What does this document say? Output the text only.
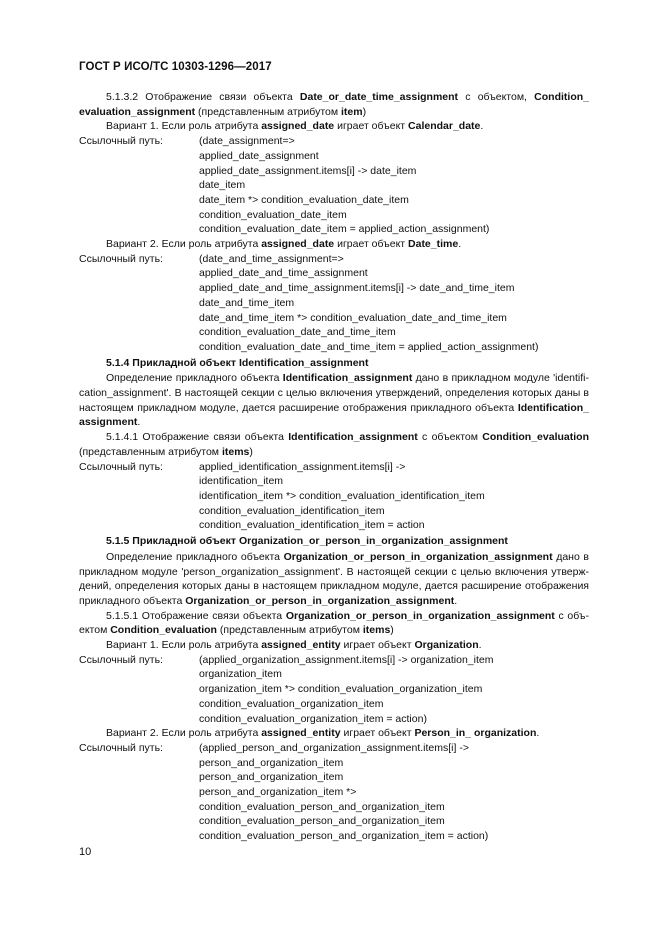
ГОСТ Р ИСО/ТС 10303-1296—2017

5.1.3.2 Отображение связи объекта Date_or_date_time_assignment с объектом, Condition_ evaluation_assignment (представленным атрибутом item)

Вариант 1. Если роль атрибута assigned_date играет объект Calendar_date.

Ссылочный путь:	(date_assignment=>
applied_date_assignment
applied_date_assignment.items[i] -> date_item
date_item
date_item *> condition_evaluation_date_item
condition_evaluation_date_item
condition_evaluation_date_item = applied_action_assignment)

Вариант 2. Если роль атрибута assigned_date играет объект Date_time.

Ссылочный путь:	(date_and_time_assignment=>
applied_date_and_time_assignment
applied_date_and_time_assignment.items[i] -> date_and_time_item
date_and_time_item
date_and_time_item *> condition_evaluation_date_and_time_item
condition_evaluation_date_and_time_item
condition_evaluation_date_and_time_item = applied_action_assignment)
5.1.4 Прикладной объект Identification_assignment

Определение прикладного объекта Identification_assignment дано в прикладном модуле 'identifi-cation_assignment'. В настоящей секции с целью включения утверждений, определения которых даны в настоящем прикладном модуле, дается расширение отображения прикладного объекта Identification_ assignment.

5.1.4.1 Отображение связи объекта Identification_assignment с объектом Condition_evaluation (представленным атрибутом items)

Ссылочный путь:	applied_identification_assignment.items[i] ->
identification_item
identification_item *> condition_evaluation_identification_item
condition_evaluation_identification_item
condition_evaluation_identification_item = action
5.1.5 Прикладной объект Organization_or_person_in_organization_assignment

Определение прикладного объекта Organization_or_person_in_organization_assignment дано в прикладном модуле 'person_organization_assignment'. В настоящей секции с целью включения утверж-дений, определения которых даны в настоящем прикладном модуле, дается расширение отображения прикладного объекта Organization_or_person_in_organization_assignment.

5.1.5.1 Отображение связи объекта Organization_or_person_in_organization_assignment с объ-ектом Condition_evaluation (представленным атрибутом items)

Вариант 1. Если роль атрибута assigned_entity играет объект Organization.

Ссылочный путь:	(applied_organization_assignment.items[i] -> organization_item
organization_item
organization_item *> condition_evaluation_organization_item
condition_evaluation_organization_item
condition_evaluation_organization_item = action)

Вариант 2. Если роль атрибута assigned_entity играет объект Person_in_ organization.

Ссылочный путь:	(applied_person_and_organization_assignment.items[i] ->
person_and_organization_item
person_and_organization_item
person_and_organization_item *>
condition_evaluation_person_and_organization_item
condition_evaluation_person_and_organization_item
condition_evaluation_person_and_organization_item = action)
10
